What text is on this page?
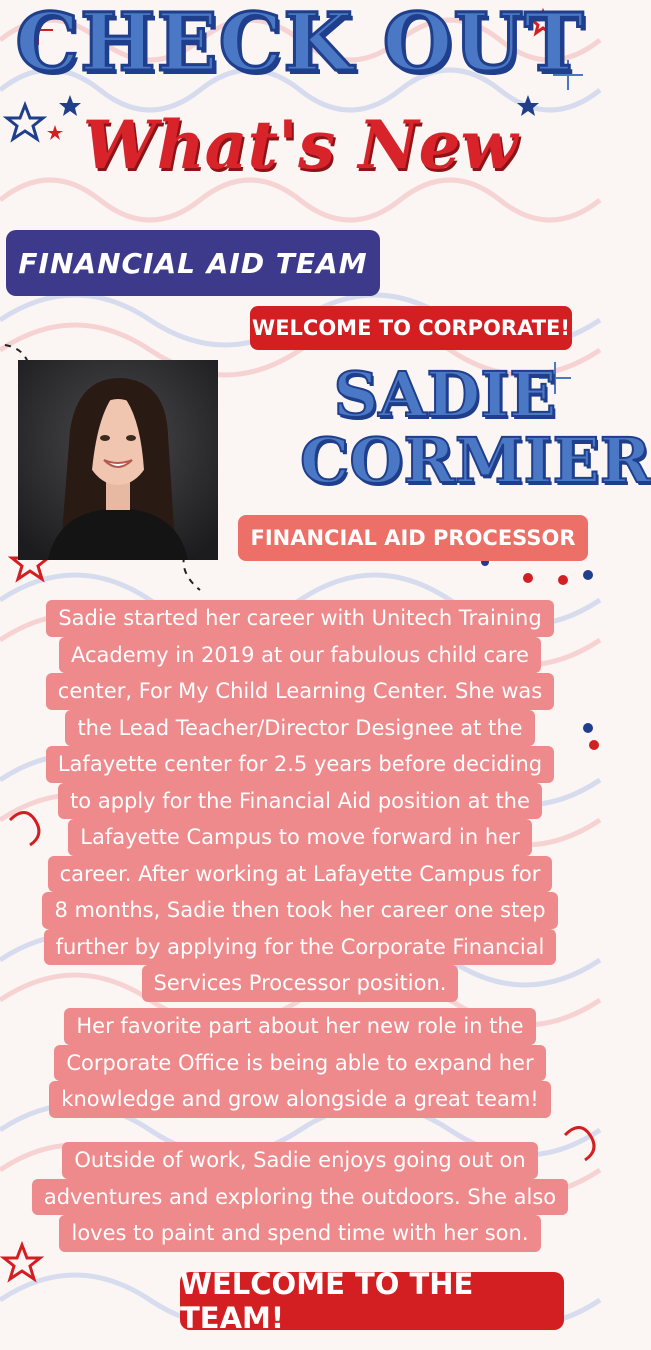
CHECK OUT
What's New
FINANCIAL AID TEAM
WELCOME TO CORPORATE!
SADIE
CORMIER
FINANCIAL AID PROCESSOR
Sadie started her career with Unitech Training
Academy in 2019 at our fabulous child care
center, For My Child Learning Center. She was
the Lead Teacher/Director Designee at the
Lafayette center for 2.5 years before deciding
to apply for the Financial Aid position at the
Lafayette Campus to move forward in her
career. After working at Lafayette Campus for
8 months, Sadie then took her career one step
further by applying for the Corporate Financial
Services Processor position.
Her favorite part about her new role in the
Corporate Office is being able to expand her
knowledge and grow alongside a great team!
Outside of work, Sadie enjoys going out on
adventures and exploring the outdoors. She also
loves to paint and spend time with her son.
WELCOME TO THE TEAM!
